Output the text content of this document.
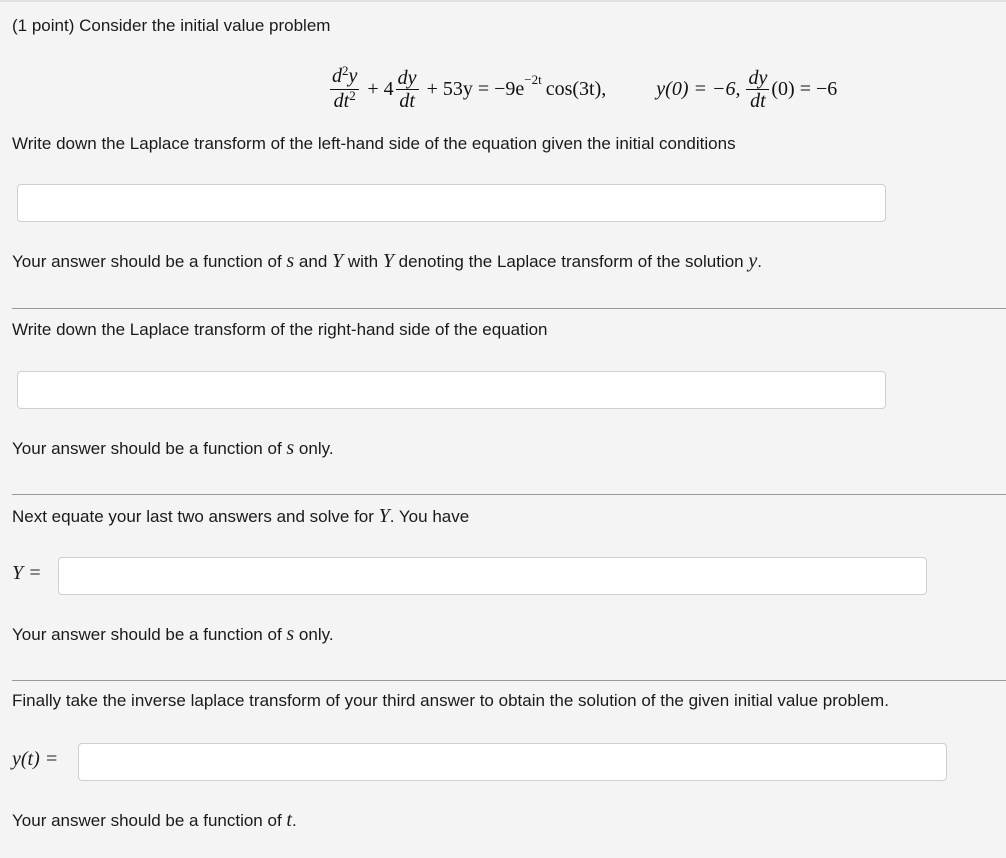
(1 point) Consider the initial value problem
$\frac{d^2y}{dt^2} + 4 \frac{dy}{dt} + 53y = -9e -2t$ cos(3t),	y(0) = −6, $\frac{dy}{dt} (0) = -6$
Write down the Laplace transform of the left-hand side of the equation given the initial conditions
Your answer should be a function of s and Y with Y denoting the Laplace transform of the solution y.
Write down the Laplace transform of the right-hand side of the equation
Your answer should be a function of s only.
Next equate your last two answers and solve for Y. You have
Y =
Your answer should be a function of s only.
Finally take the inverse laplace transform of your third answer to obtain the solution of the given initial value problem.
y(t) =
Your answer should be a function of t.
